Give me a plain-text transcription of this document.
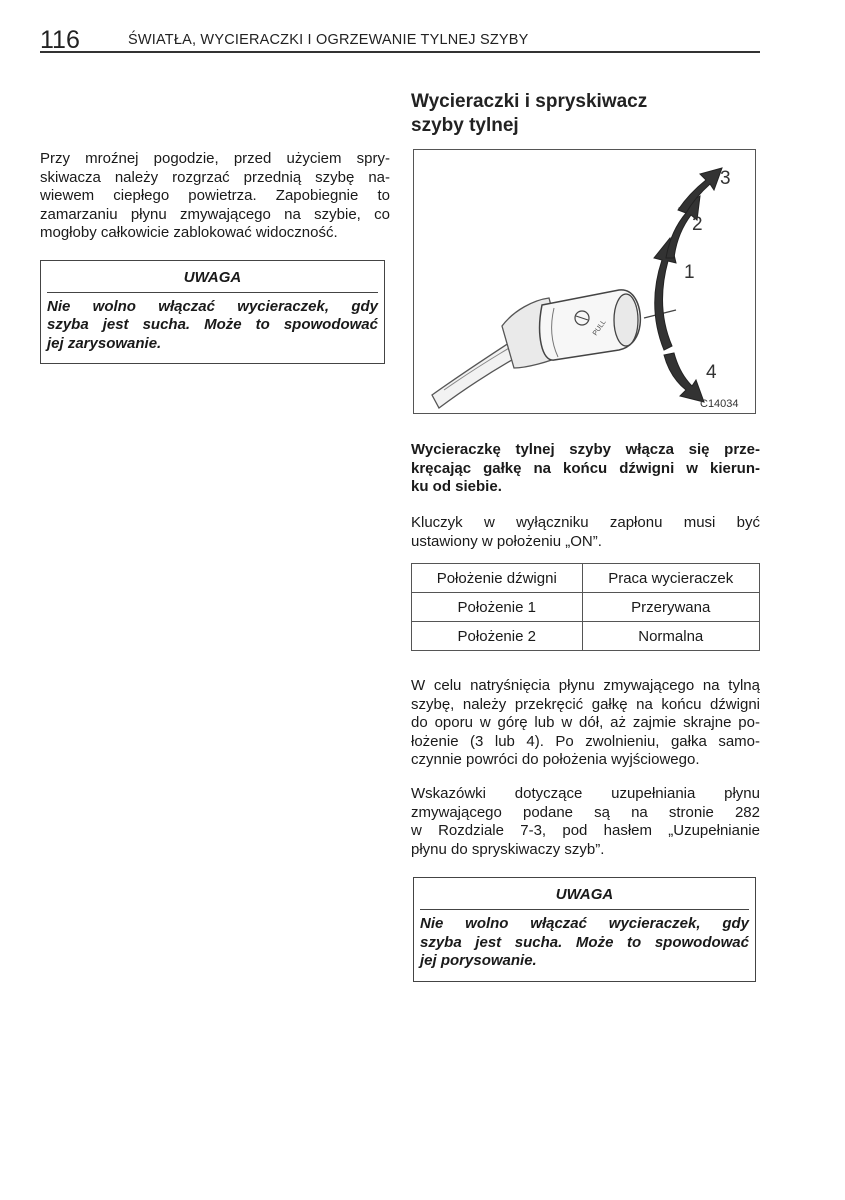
116	ŚWIATŁA, WYCIERACZKI I OGRZEWANIE TYLNEJ SZYBY

Przy mroźnej pogodzie, przed użyciem spry-
skiwacza należy rozgrzać przednią szybę na-
wiewem ciepłego powietrza. Zapobiegnie to
zamarzaniu płynu zmywającego na szybie, co
mogłoby całkowicie zablokować widoczność.

UWAGA
Nie wolno włączać wycieraczek, gdy
szyba jest sucha. Może to spowodować
jej zarysowanie.
Wycieraczki i spryskiwacz
szyby tylnej
PULL
3
2
1
4
C14034

Wycieraczkę tylnej szyby włącza się prze-
kręcając gałkę na końcu dźwigni w kierun-
ku od siebie.

Kluczyk w wyłączniku zapłonu musi być
ustawiony w położeniu „ON”.

Położenie dźwigni	Praca wycieraczek
Położenie 1	Przerywana
Położenie 2	Normalna

W celu natryśnięcia płynu zmywającego na tylną
szybę, należy przekręcić gałkę na końcu dźwigni
do oporu w górę lub w dół, aż zajmie skrajne po-
łożenie (3 lub 4). Po zwolnieniu, gałka samo-
czynnie powróci do położenia wyjściowego.

Wskazówki dotyczące uzupełniania płynu
zmywającego podane są na stronie 282
w Rozdziale 7-3, pod hasłem „Uzupełnianie
płynu do spryskiwaczy szyb”.

UWAGA
Nie wolno włączać wycieraczek, gdy
szyba jest sucha. Może to spowodować
jej porysowanie.
